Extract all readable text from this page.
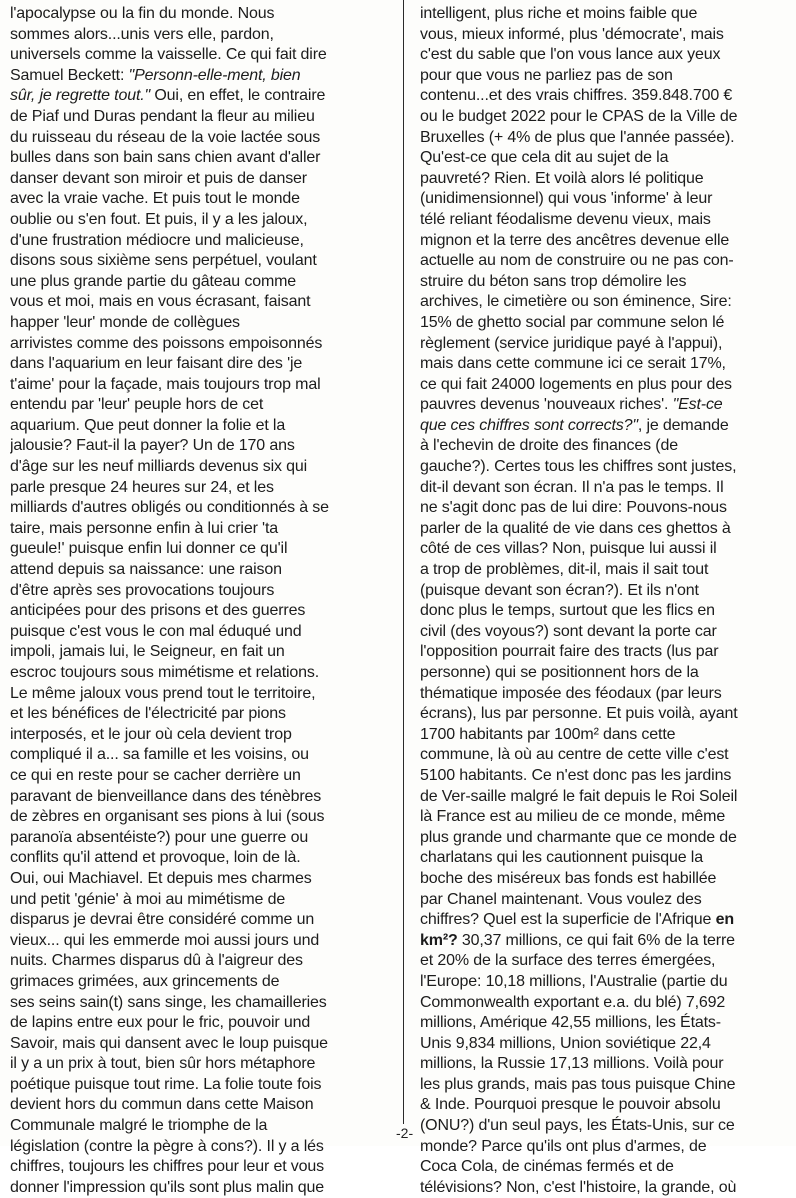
l'apocalypse ou la fin du monde. Nous
sommes alors...unis vers elle, pardon,
universels comme la vaisselle. Ce qui fait dire
Samuel Beckett: "Personn-elle-ment, bien
sûr, je regrette tout." Oui, en effet, le contraire
de Piaf und Duras pendant la fleur au milieu
du ruisseau du réseau de la voie lactée sous
bulles dans son bain sans chien avant d'aller
danser devant son miroir et puis de danser
avec la vraie vache. Et puis tout le monde
oublie ou s'en fout. Et puis, il y a les jaloux,
d'une frustration médiocre und malicieuse,
disons sous sixième sens perpétuel, voulant
une plus grande partie du gâteau comme
vous et moi, mais en vous écrasant, faisant
happer 'leur' monde de collègues
arrivistes comme des poissons empoisonnés
dans l'aquarium en leur faisant dire des 'je
t'aime' pour la façade, mais toujours trop mal
entendu par 'leur' peuple hors de cet
aquarium. Que peut donner la folie et la
jalousie? Faut-il la payer? Un de 170 ans
d'âge sur les neuf milliards devenus six qui
parle presque 24 heures sur 24, et les
milliards d'autres obligés ou conditionnés à se
taire, mais personne enfin à lui crier 'ta
gueule!' puisque enfin lui donner ce qu'il
attend depuis sa naissance: une raison
d'être après ses provocations toujours
anticipées pour des prisons et des guerres
puisque c'est vous le con mal éduqué und
impoli, jamais lui, le Seigneur, en fait un
escroc toujours sous mimétisme et relations.
Le même jaloux vous prend tout le territoire,
et les bénéfices de l'électricité par pions
interposés, et le jour où cela devient trop
compliqué il a... sa famille et les voisins, ou
ce qui en reste pour se cacher derrière un
paravant de bienveillance dans des ténèbres
de zèbres en organisant ses pions à lui (sous
paranoïa absentéiste?) pour une guerre ou
conflits qu'il attend et provoque, loin de là.
Oui, oui Machiavel. Et depuis mes charmes
und petit 'génie' à moi au mimétisme de
disparus je devrai être considéré comme un
vieux... qui les emmerde moi aussi jours und
nuits. Charmes disparus dû à l'aigreur des
grimaces grimées, aux grincements de
ses seins sain(t) sans singe, les chamailleries
de lapins entre eux pour le fric, pouvoir und
Savoir, mais qui dansent avec le loup puisque
il y a un prix à tout, bien sûr hors métaphore
poétique puisque tout rime. La folie toute fois
devient hors du commun dans cette Maison
Communale malgré le triomphe de la
législation (contre la pègre à cons?). Il y a lés
chiffres, toujours les chiffres pour leur et vous
donner l'impression qu'ils sont plus malin que
intelligent, plus riche et moins faible que
vous, mieux informé, plus 'démocrate', mais
c'est du sable que l'on vous lance aux yeux
pour que vous ne parliez pas de son
contenu...et des vrais chiffres. 359.848.700 €
ou le budget 2022 pour le CPAS de la Ville de
Bruxelles (+ 4% de plus que l'année passée).
Qu'est-ce que cela dit au sujet de la
pauvreté? Rien. Et voilà alors lé politique
(unidimensionnel) qui vous 'informe' à leur
télé reliant féodalisme devenu vieux, mais
mignon et la terre des ancêtres devenue elle
actuelle au nom de construire ou ne pas con-
struire du béton sans trop démolire les
archives, le cimetière ou son éminence, Sire:
15% de ghetto social par commune selon lé
règlement (service juridique payé à l'appui),
mais dans cette commune ici ce serait 17%,
ce qui fait 24000 logements en plus pour des
pauvres devenus 'nouveaux riches'. "Est-ce
que ces chiffres sont corrects?", je demande
à l'echevin de droite des finances (de
gauche?). Certes tous les chiffres sont justes,
dit-il devant son écran. Il n'a pas le temps. Il
ne s'agit donc pas de lui dire: Pouvons-nous
parler de la qualité de vie dans ces ghettos à
côté de ces villas? Non, puisque lui aussi il
a trop de problèmes, dit-il, mais il sait tout
(puisque devant son écran?). Et ils n'ont
donc plus le temps, surtout que les flics en
civil (des voyous?) sont devant la porte car
l'opposition pourrait faire des tracts (lus par
personne) qui se positionnent hors de la
thématique imposée des féodaux (par leurs
écrans), lus par personne. Et puis voilà, ayant
1700 habitants par 100m² dans cette
commune, là où au centre de cette ville c'est
5100 habitants. Ce n'est donc pas les jardins
de Ver-saille malgré le fait depuis le Roi Soleil
là France est au milieu de ce monde, même
plus grande und charmante que ce monde de
charlatans qui les cautionnent puisque la
boche des miséreux bas fonds est habillée
par Chanel maintenant. Vous voulez des
chiffres? Quel est la superficie de l'Afrique en
km²? 30,37 millions, ce qui fait 6% de la terre
et 20% de la surface des terres émergées,
l'Europe: 10,18 millions, l'Australie (partie du
Commonwealth exportant e.a. du blé) 7,692
millions, Amérique 42,55 millions, les États-
Unis 9,834 millions, Union soviétique 22,4
millions, la Russie 17,13 millions. Voilà pour
les plus grands, mais pas tous puisque Chine
& Inde. Pourquoi presque le pouvoir absolu
(ONU?) d'un seul pays, les États-Unis, sur ce
monde? Parce qu'ils ont plus d'armes, de
Coca Cola, de cinémas fermés et de
télévisions? Non, c'est l'histoire, la grande, où
-2-
